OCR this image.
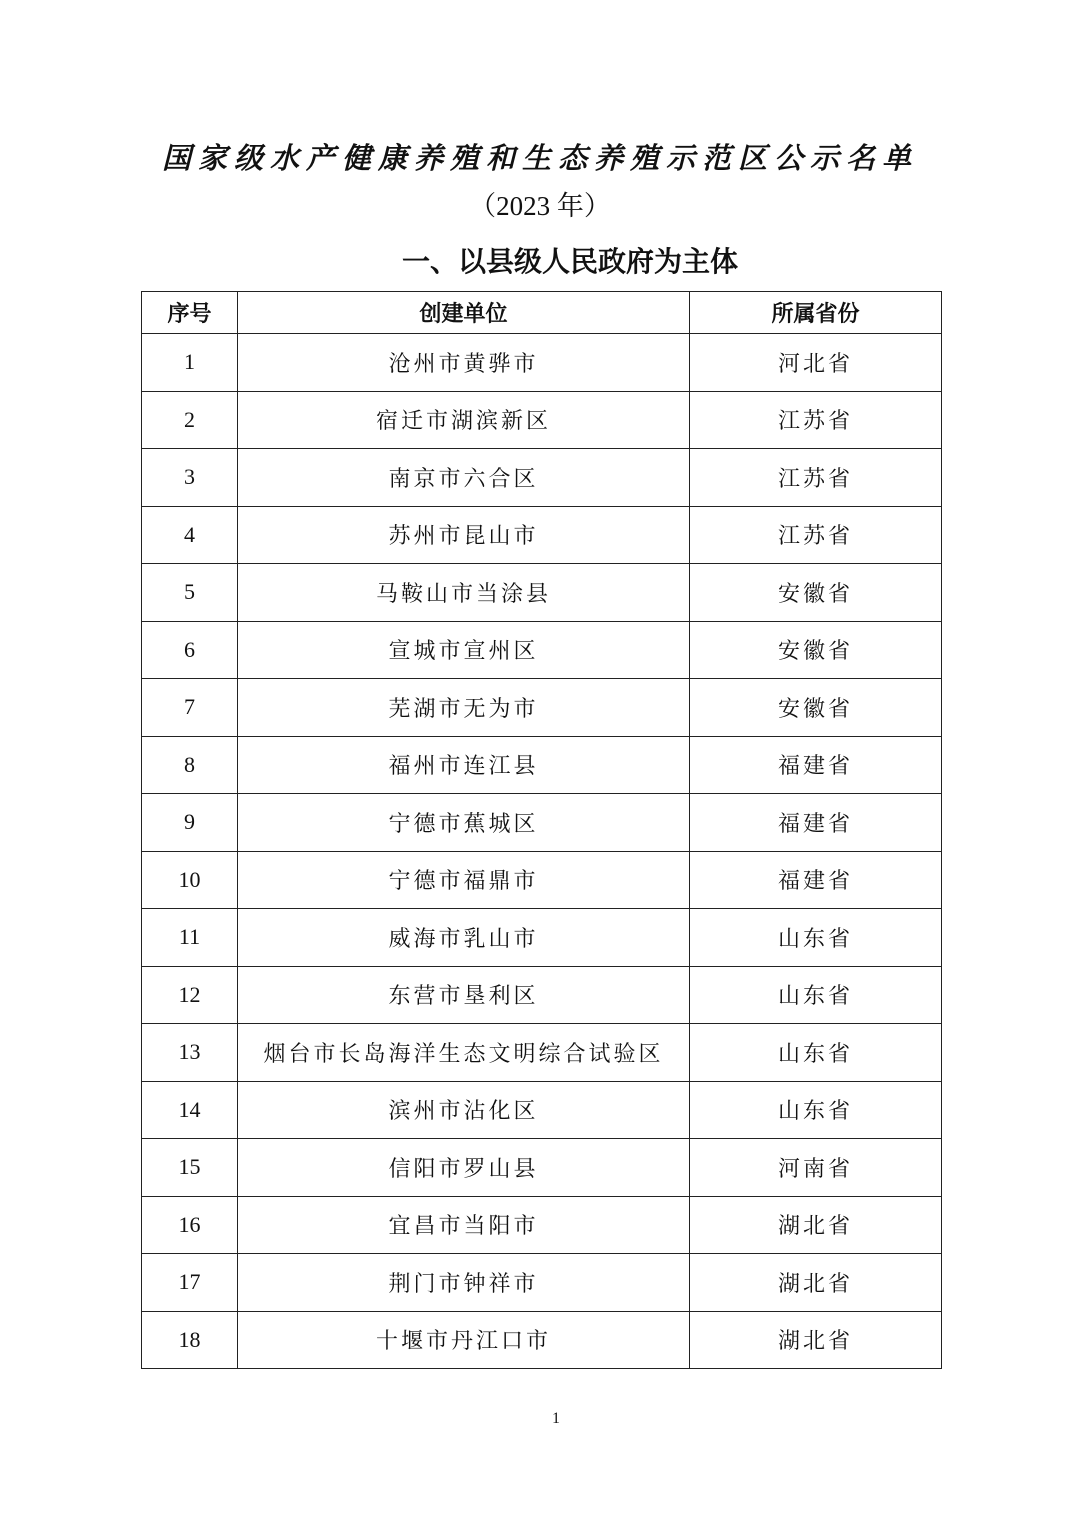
国家级水产健康养殖和生态养殖示范区公示名单
（2023 年）
一、以县级人民政府为主体
序号	创建单位	所属省份
1	沧州市黄骅市	河北省
2	宿迁市湖滨新区	江苏省
3	南京市六合区	江苏省
4	苏州市昆山市	江苏省
5	马鞍山市当涂县	安徽省
6	宣城市宣州区	安徽省
7	芜湖市无为市	安徽省
8	福州市连江县	福建省
9	宁德市蕉城区	福建省
10	宁德市福鼎市	福建省
11	威海市乳山市	山东省
12	东营市垦利区	山东省
13	烟台市长岛海洋生态文明综合试验区	山东省
14	滨州市沾化区	山东省
15	信阳市罗山县	河南省
16	宜昌市当阳市	湖北省
17	荆门市钟祥市	湖北省
18	十堰市丹江口市	湖北省
1
